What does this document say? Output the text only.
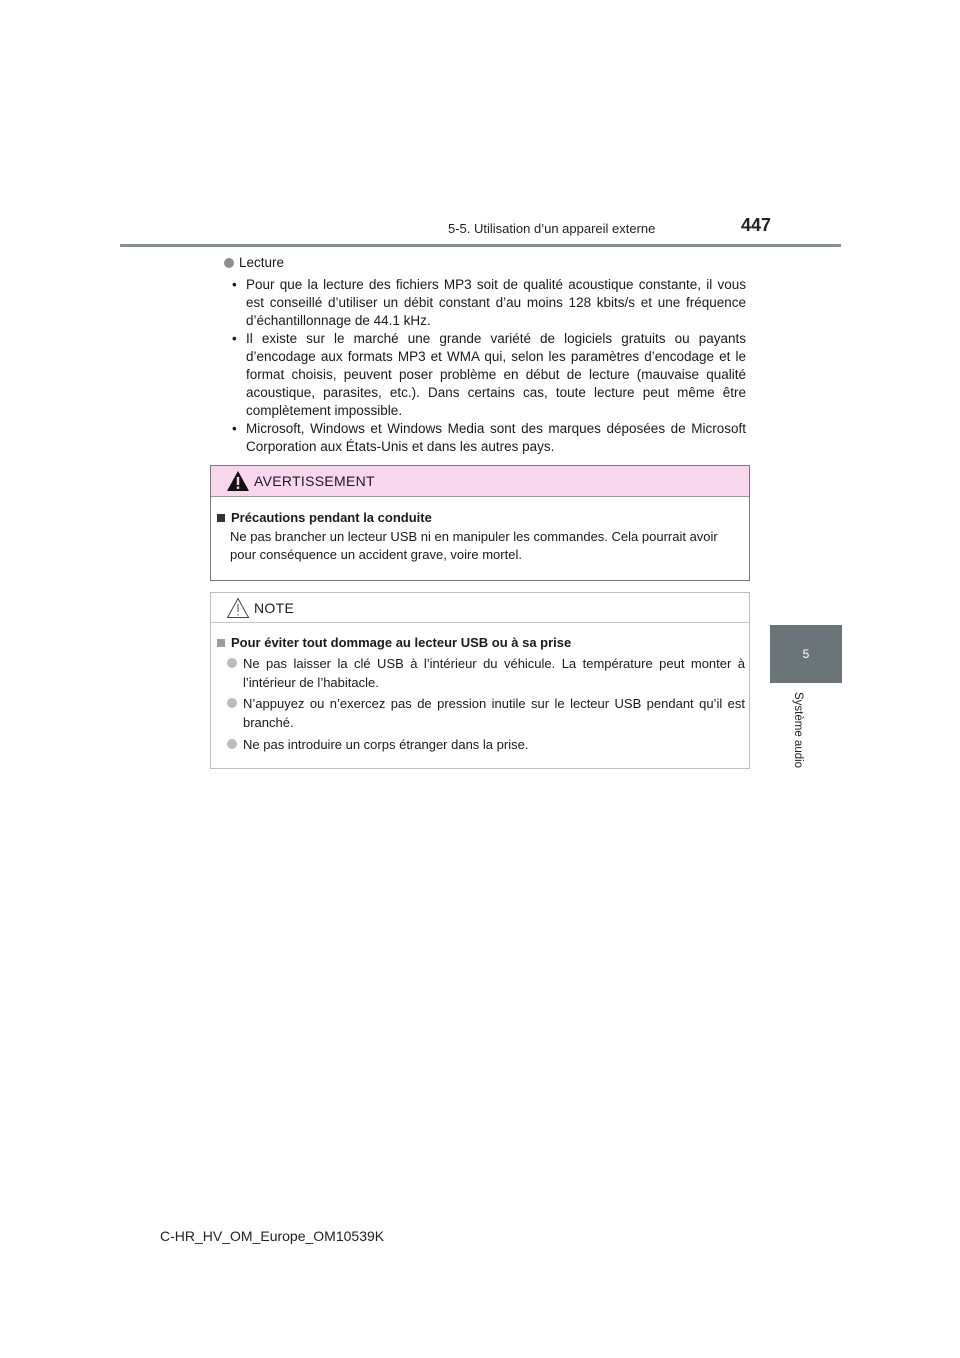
5-5. Utilisation d’un appareil externe	447
5
Système audio
Lecture
• Pour que la lecture des fichiers MP3 soit de qualité acoustique constante, il vous est conseillé d’utiliser un débit constant d’au moins 128 kbits/s et une fréquence d’échantillonnage de 44.1 kHz.
• Il existe sur le marché une grande variété de logiciels gratuits ou payants d’encodage aux formats MP3 et WMA qui, selon les paramètres d’encodage et le format choisis, peuvent poser problème en début de lecture (mauvaise qualité acoustique, parasites, etc.). Dans certains cas, toute lecture peut même être complètement impossible.
• Microsoft, Windows et Windows Media sont des marques déposées de Microsoft Corporation aux États-Unis et dans les autres pays.
AVERTISSEMENT
Précautions pendant la conduite
Ne pas brancher un lecteur USB ni en manipuler les commandes. Cela pourrait avoir pour conséquence un accident grave, voire mortel.
NOTE
Pour éviter tout dommage au lecteur USB ou à sa prise
Ne pas laisser la clé USB à l’intérieur du véhicule. La température peut monter à l’intérieur de l’habitacle.
N’appuyez ou n’exercez pas de pression inutile sur le lecteur USB pendant qu’il est branché.
Ne pas introduire un corps étranger dans la prise.
C-HR_HV_OM_Europe_OM10539K
